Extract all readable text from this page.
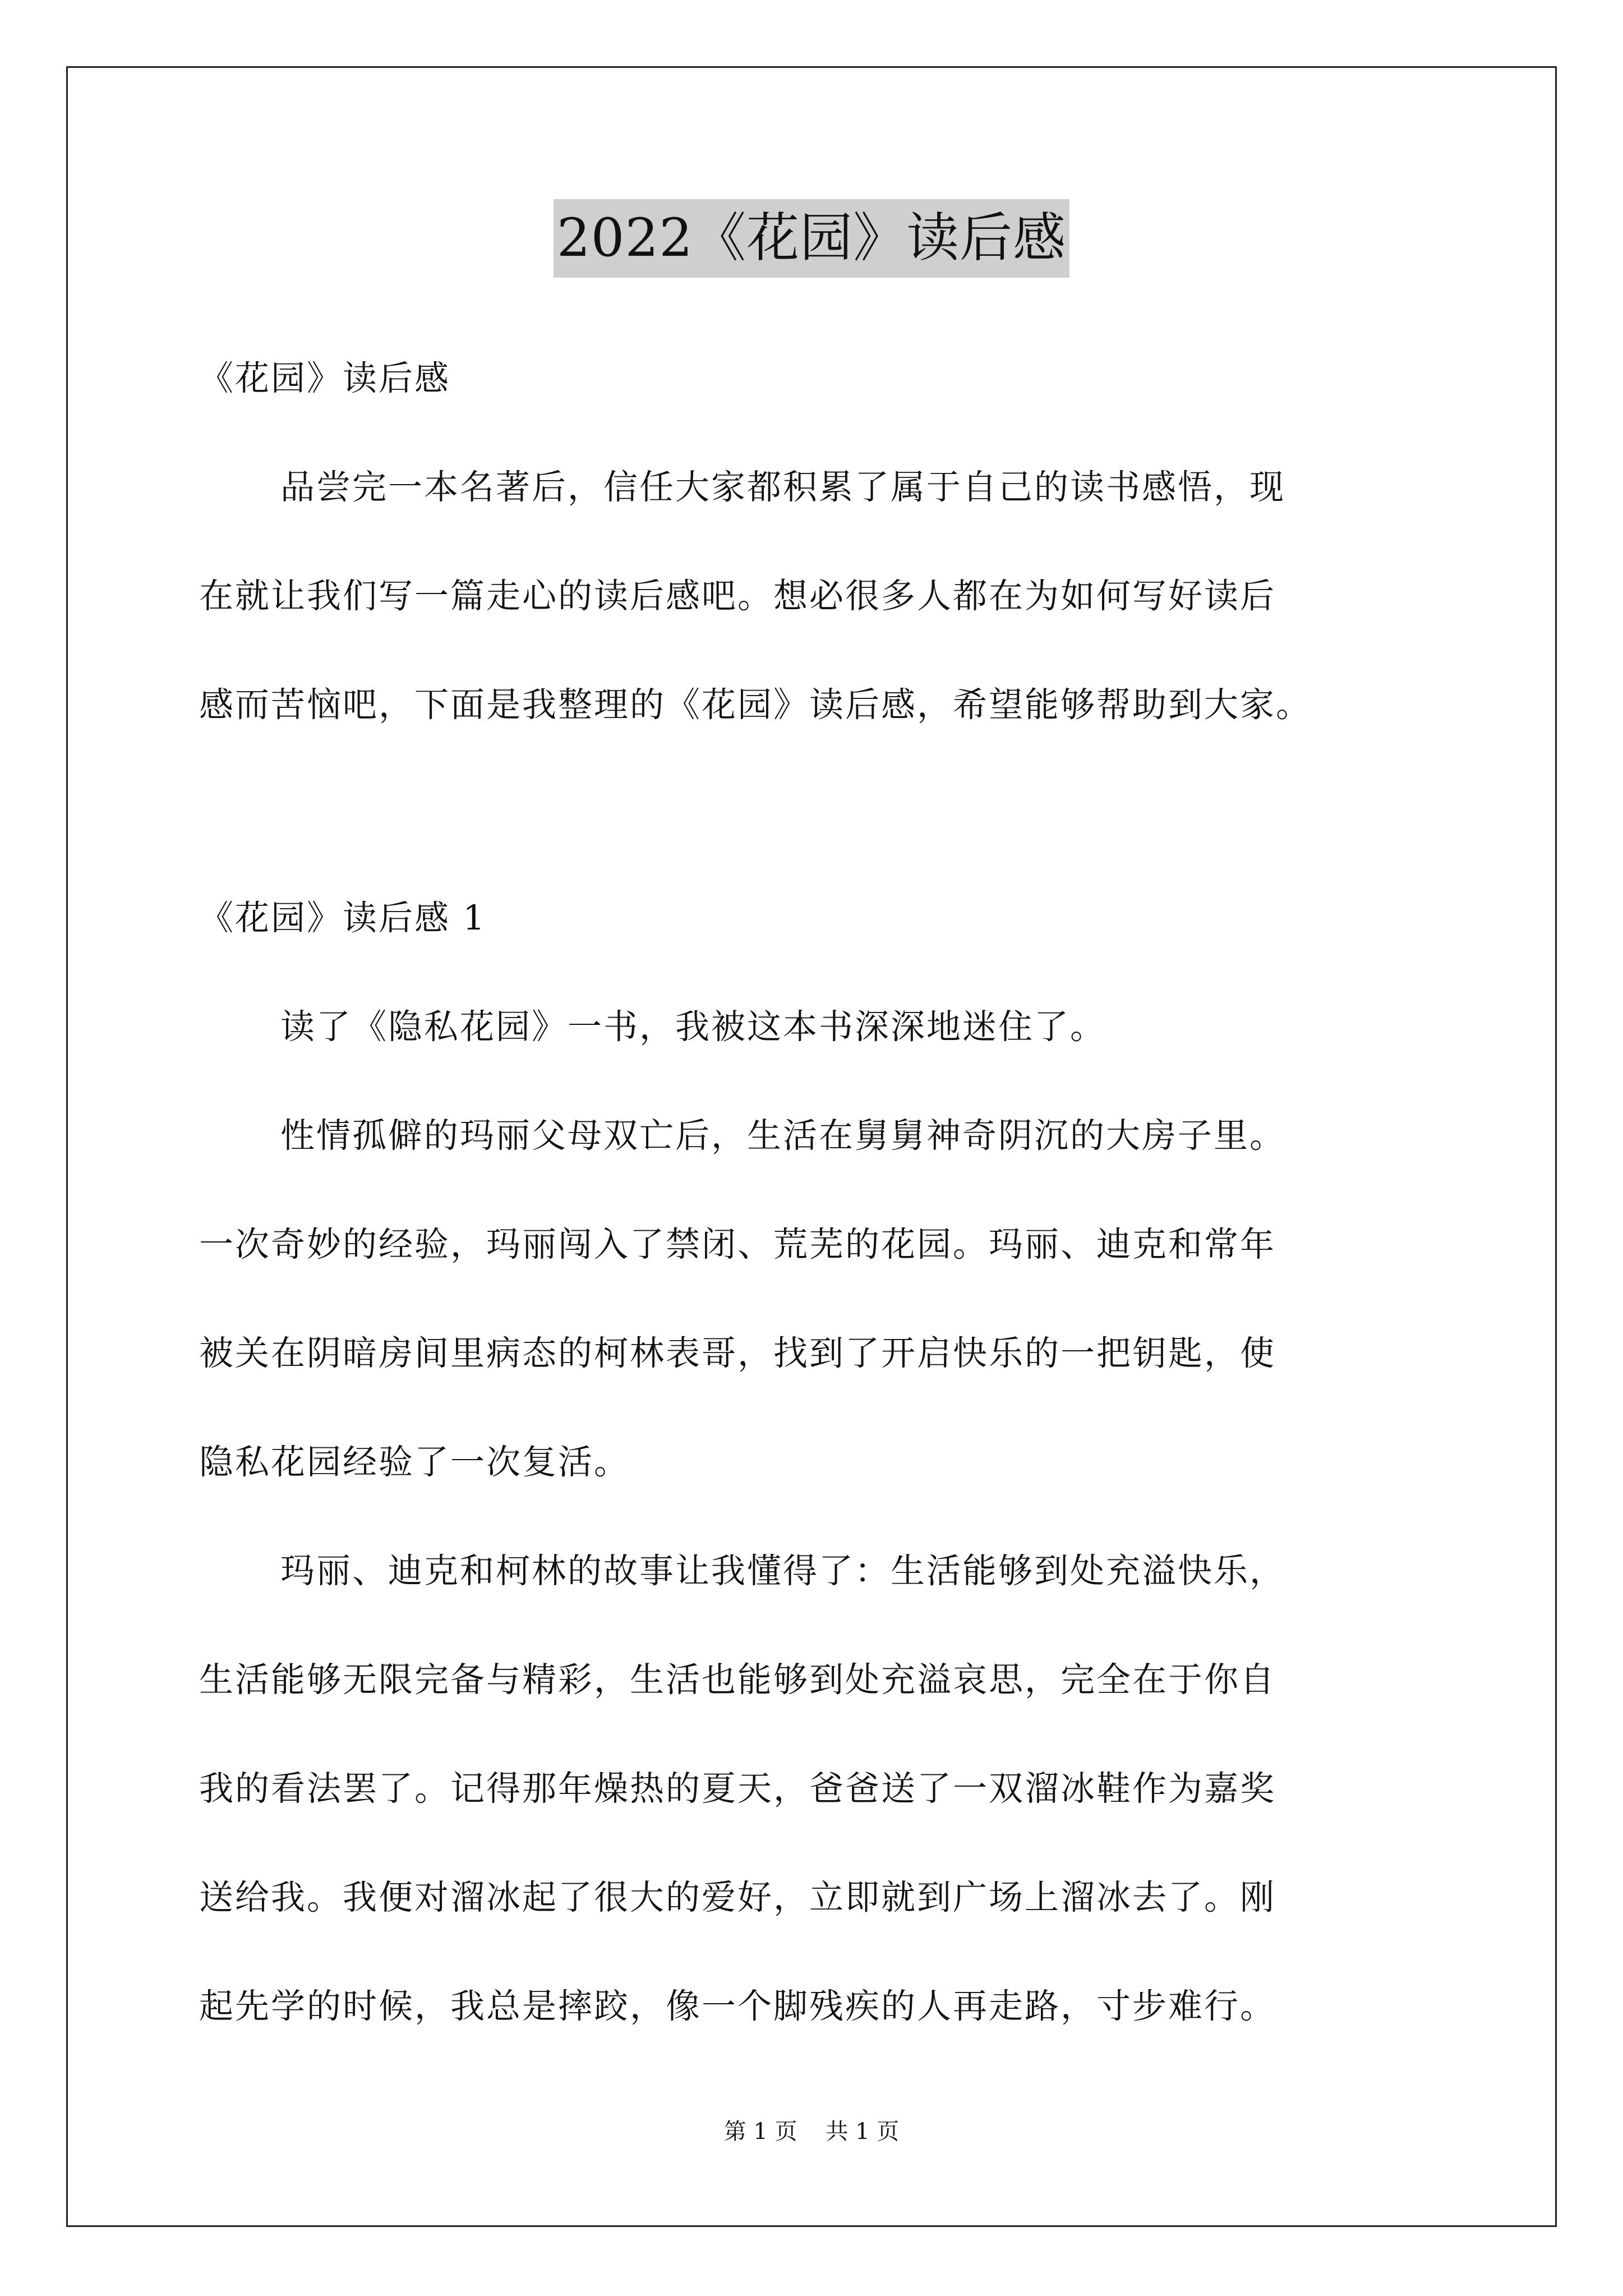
2022《花园》读后感
《花园》读后感
品尝完一本名著后，信任大家都积累了属于自己的读书感悟，现
在就让我们写一篇走心的读后感吧。想必很多人都在为如何写好读后
感而苦恼吧，下面是我整理的《花园》读后感，希望能够帮助到大家。
《花园》读后感 1
读了《隐私花园》一书，我被这本书深深地迷住了。
性情孤僻的玛丽父母双亡后，生活在舅舅神奇阴沉的大房子里。
一次奇妙的经验，玛丽闯入了禁闭、荒芜的花园。玛丽、迪克和常年
被关在阴暗房间里病态的柯林表哥，找到了开启快乐的一把钥匙，使
隐私花园经验了一次复活。
玛丽、迪克和柯林的故事让我懂得了：生活能够到处充溢快乐，
生活能够无限完备与精彩，生活也能够到处充溢哀思，完全在于你自
我的看法罢了。记得那年燥热的夏天，爸爸送了一双溜冰鞋作为嘉奖
送给我。我便对溜冰起了很大的爱好，立即就到广场上溜冰去了。刚
起先学的时候，我总是摔跤，像一个脚残疾的人再走路，寸步难行。
第 1 页    共 1 页
